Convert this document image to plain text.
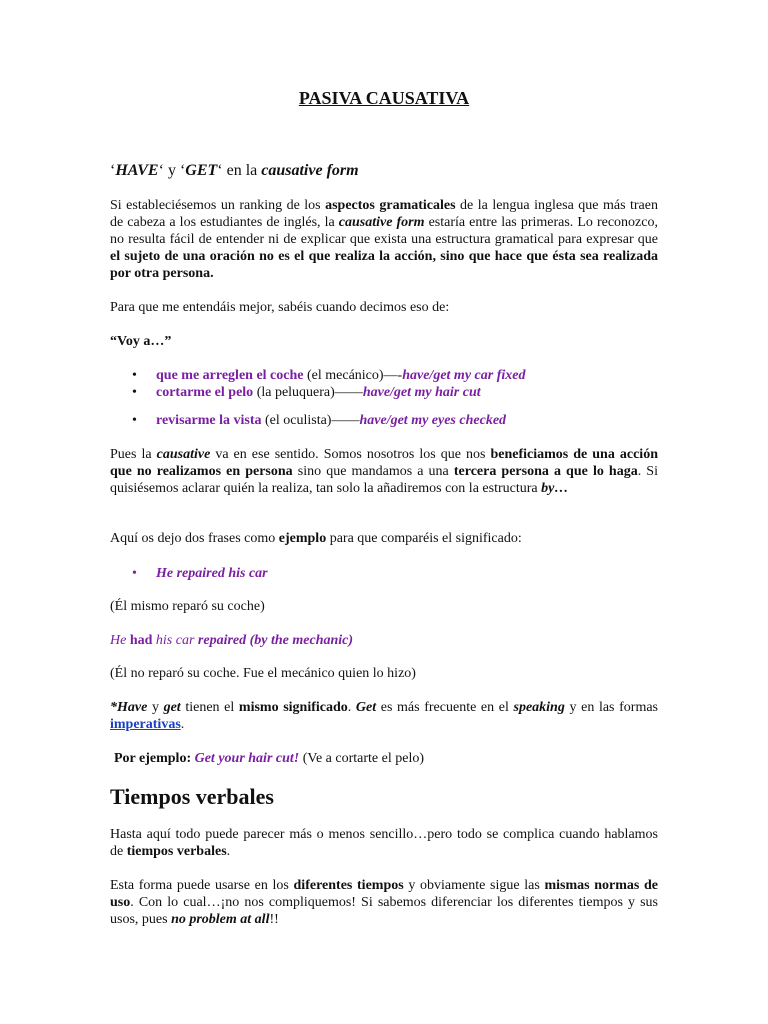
PASIVA CAUSATIVA

‘HAVE‘ y ‘GET‘ en la causative form

Si estableciésemos un ranking de los aspectos gramaticales de la lengua inglesa que más traen de cabeza a los estudiantes de inglés, la causative form estaría entre las primeras. Lo reconozco, no resulta fácil de entender ni de explicar que exista una estructura gramatical para expresar que el sujeto de una oración no es el que realiza la acción, sino que hace que ésta sea realizada por otra persona.

Para que me entendáis mejor, sabéis cuando decimos eso de:

“Voy a…”

•	que me arreglen el coche (el mecánico)—-have/get my car fixed

•	cortarme el pelo (la peluquera)——have/get my hair cut

•	revisarme la vista (el oculista)——have/get my eyes checked

Pues la causative va en ese sentido. Somos nosotros los que nos beneficiamos de una acción que no realizamos en persona sino que mandamos a una tercera persona a que lo haga. Si quisiésemos aclarar quién la realiza, tan solo la añadiremos con la estructura by…

Aquí os dejo dos frases como ejemplo para que comparéis el significado:

•	He repaired his car

(Él mismo reparó su coche)

He had his car repaired (by the mechanic)

(Él no reparó su coche. Fue el mecánico quien lo hizo)

*Have y get tienen el mismo significado. Get es más frecuente en el speaking y en las formas imperativas.

Por ejemplo: Get your hair cut! (Ve a cortarte el pelo)

Tiempos verbales

Hasta aquí todo puede parecer más o menos sencillo…pero todo se complica cuando hablamos de tiempos verbales.

Esta forma puede usarse en los diferentes tiempos y obviamente sigue las mismas normas de uso. Con lo cual…¡no nos compliquemos! Si sabemos diferenciar los diferentes tiempos y sus usos, pues no problem at all!!
